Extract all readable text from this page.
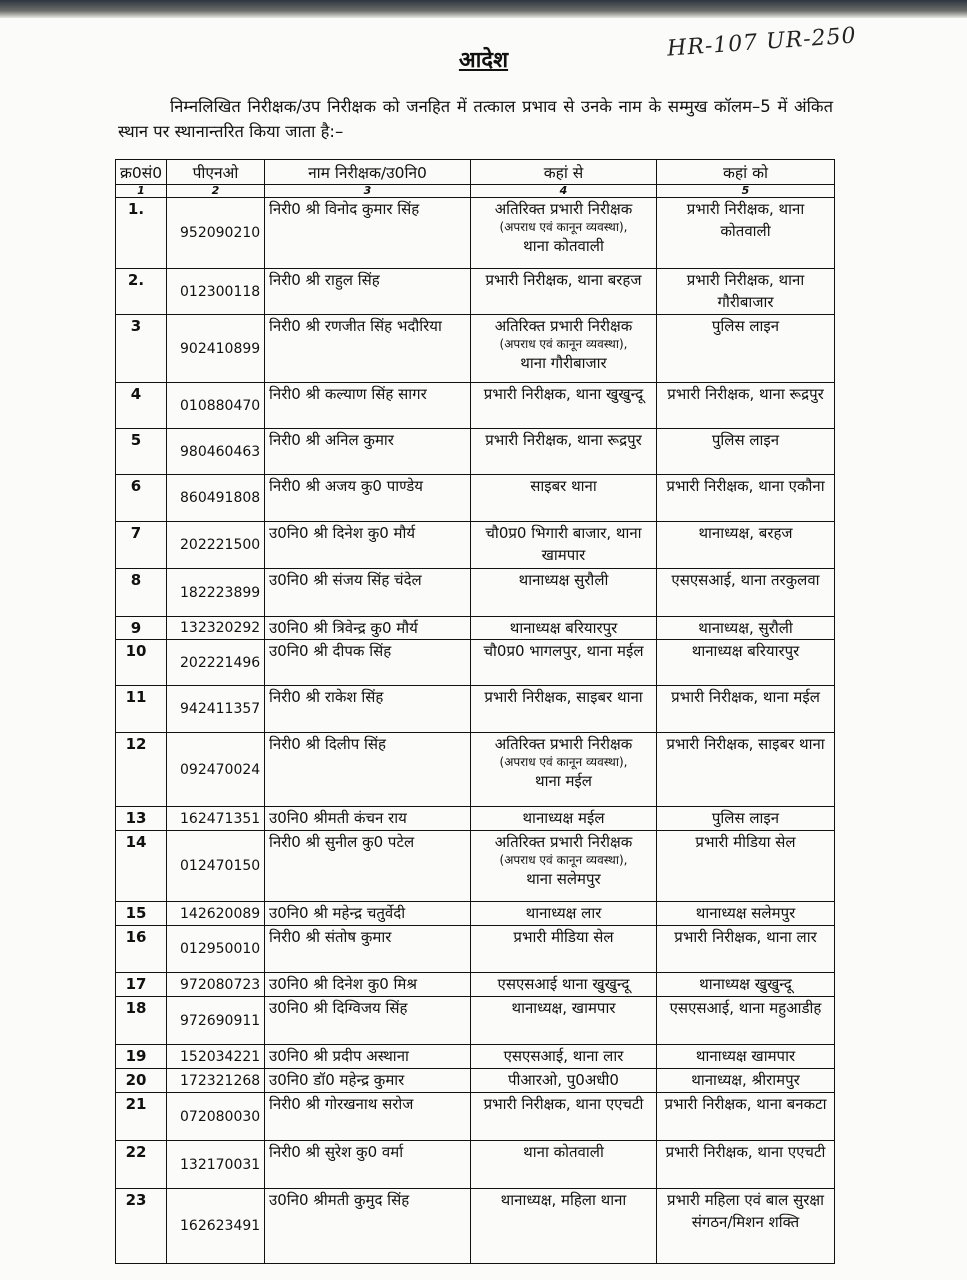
आदेश	HR-107 UR-250
निम्नलिखित निरीक्षक/उप निरीक्षक को जनहित में तत्काल प्रभाव से उनके नाम के सम्मुख कॉलम–5 में अंकित स्थान पर स्थानान्तरित किया जाता है:–
क्र0सं0	पीएनओ	नाम निरीक्षक/उ0नि0	कहां से	कहां को
1	2	3	4	5
1.	952090210	निरी0 श्री विनोद कुमार सिंह	अतिरिक्त प्रभारी निरीक्षक
(अपराध एवं कानून व्यवस्था),
थाना कोतवाली	प्रभारी निरीक्षक, थाना कोतवाली
2.	012300118	निरी0 श्री राहुल सिंह	प्रभारी निरीक्षक, थाना बरहज	प्रभारी निरीक्षक, थाना गौरीबाजार
3	902410899	निरी0 श्री रणजीत सिंह भदौरिया	अतिरिक्त प्रभारी निरीक्षक
(अपराध एवं कानून व्यवस्था),
थाना गौरीबाजार	पुलिस लाइन
4	010880470	निरी0 श्री कल्याण सिंह सागर	प्रभारी निरीक्षक, थाना खुखुन्दू	प्रभारी निरीक्षक, थाना रूद्रपुर
5	980460463	निरी0 श्री अनिल कुमार	प्रभारी निरीक्षक, थाना रूद्रपुर	पुलिस लाइन
6	860491808	निरी0 श्री अजय कु0 पाण्डेय	साइबर थाना	प्रभारी निरीक्षक, थाना एकौना
7	202221500	उ0नि0 श्री दिनेश कु0 मौर्य	चौ0प्र0 भिगारी बाजार, थाना खामपार	थानाध्यक्ष, बरहज
8	182223899	उ0नि0 श्री संजय सिंह चंदेल	थानाध्यक्ष सुरौली	एसएसआई, थाना तरकुलवा
9	132320292	उ0नि0 श्री त्रिवेन्द्र कु0 मौर्य	थानाध्यक्ष बरियारपुर	थानाध्यक्ष, सुरौली
10	202221496	उ0नि0 श्री दीपक सिंह	चौ0प्र0 भागलपुर, थाना मईल	थानाध्यक्ष बरियारपुर
11	942411357	निरी0 श्री राकेश सिंह	प्रभारी निरीक्षक, साइबर थाना	प्रभारी निरीक्षक, थाना मईल
12	092470024	निरी0 श्री दिलीप सिंह	अतिरिक्त प्रभारी निरीक्षक
(अपराध एवं कानून व्यवस्था),
थाना मईल	प्रभारी निरीक्षक, साइबर थाना
13	162471351	उ0नि0 श्रीमती कंचन राय	थानाध्यक्ष मईल	पुलिस लाइन
14	012470150	निरी0 श्री सुनील कु0 पटेल	अतिरिक्त प्रभारी निरीक्षक
(अपराध एवं कानून व्यवस्था),
थाना सलेमपुर	प्रभारी मीडिया सेल
15	142620089	उ0नि0 श्री महेन्द्र चतुर्वेदी	थानाध्यक्ष लार	थानाध्यक्ष सलेमपुर
16	012950010	निरी0 श्री संतोष कुमार	प्रभारी मीडिया सेल	प्रभारी निरीक्षक, थाना लार
17	972080723	उ0नि0 श्री दिनेश कु0 मिश्र	एसएसआई थाना खुखुन्दू	थानाध्यक्ष खुखुन्दू
18	972690911	उ0नि0 श्री दिग्विजय सिंह	थानाध्यक्ष, खामपार	एसएसआई, थाना महुआडीह
19	152034221	उ0नि0 श्री प्रदीप अस्थाना	एसएसआई, थाना लार	थानाध्यक्ष खामपार
20	172321268	उ0नि0 डॉ0 महेन्द्र कुमार	पीआरओ, पु0अधी0	थानाध्यक्ष, श्रीरामपुर
21	072080030	निरी0 श्री गोरखनाथ सरोज	प्रभारी निरीक्षक, थाना एएचटी	प्रभारी निरीक्षक, थाना बनकटा
22	132170031	निरी0 श्री सुरेश कु0 वर्मा	थाना कोतवाली	प्रभारी निरीक्षक, थाना एएचटी
23	162623491	उ0नि0 श्रीमती कुमुद सिंह	थानाध्यक्ष, महिला थाना	प्रभारी महिला एवं बाल सुरक्षा संगठन/मिशन शक्ति
